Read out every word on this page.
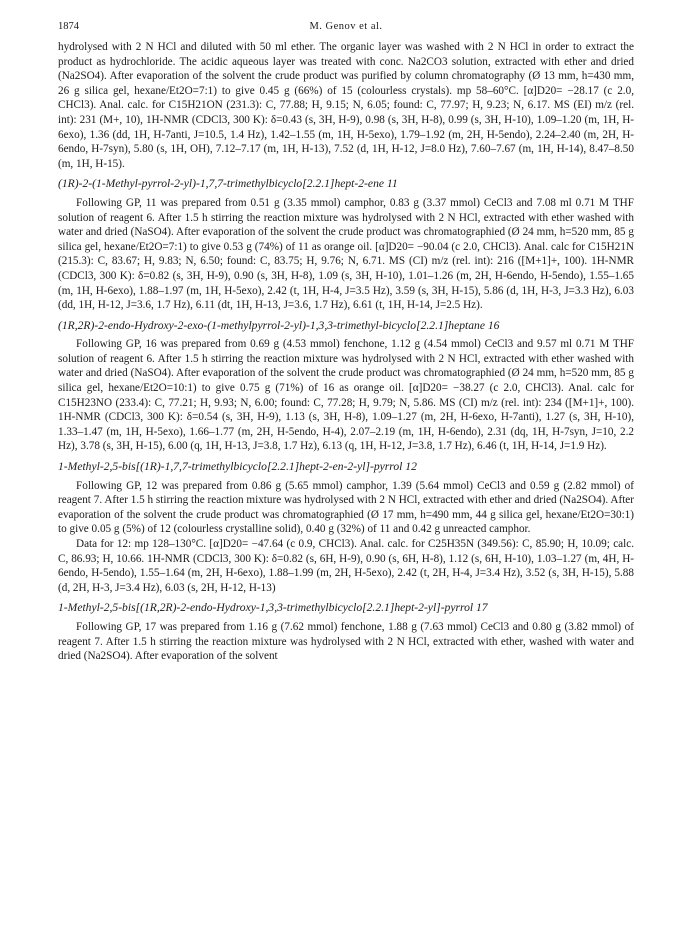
1874	M. Genov et al.

hydrolysed with 2 N HCl and diluted with 50 ml ether. The organic layer was washed with 2 N HCl in order to extract the product as hydrochloride. The acidic aqueous layer was treated with conc. Na2CO3 solution, extracted with ether and dried (Na2SO4). After evaporation of the solvent the crude product was purified by column chromatography (Ø 13 mm, h=430 mm, 26 g silica gel, hexane/Et2O=7:1) to give 0.45 g (66%) of 15 (colourless crystals). mp 58–60°C. [α]D20= −28.17 (c 2.0, CHCl3). Anal. calc. for C15H21ON (231.3): C, 77.88; H, 9.15; N, 6.05; found: C, 77.97; H, 9.23; N, 6.17. MS (EI) m/z (rel. int): 231 (M+, 10), 1H-NMR (CDCl3, 300 K): δ=0.43 (s, 3H, H-9), 0.98 (s, 3H, H-8), 0.99 (s, 3H, H-10), 1.09–1.20 (m, 1H, H-6exo), 1.36 (dd, 1H, H-7anti, J=10.5, 1.4 Hz), 1.42–1.55 (m, 1H, H-5exo), 1.79–1.92 (m, 2H, H-5endo), 2.24–2.40 (m, 2H, H-6endo, H-7syn), 5.80 (s, 1H, OH), 7.12–7.17 (m, 1H, H-13), 7.52 (d, 1H, H-12, J=8.0 Hz), 7.60–7.67 (m, 1H, H-14), 8.47–8.50 (m, 1H, H-15).

(1R)-2-(1-Methyl-pyrrol-2-yl)-1,7,7-trimethylbicyclo[2.2.1]hept-2-ene 11

Following GP, 11 was prepared from 0.51 g (3.35 mmol) camphor, 0.83 g (3.37 mmol) CeCl3 and 7.08 ml 0.71 M THF solution of reagent 6. After 1.5 h stirring the reaction mixture was hydrolysed with 2 N HCl, extracted with ether washed with water and dried (NaSO4). After evaporation of the solvent the crude product was chromatographied (Ø 24 mm, h=520 mm, 85 g silica gel, hexane/Et2O=7:1) to give 0.53 g (74%) of 11 as orange oil. [α]D20= −90.04 (c 2.0, CHCl3). Anal. calc for C15H21N (215.3): C, 83.67; H, 9.83; N, 6.50; found: C, 83.75; H, 9.76; N, 6.71. MS (CI) m/z (rel. int): 216 ([M+1]+, 100). 1H-NMR (CDCl3, 300 K): δ=0.82 (s, 3H, H-9), 0.90 (s, 3H, H-8), 1.09 (s, 3H, H-10), 1.01–1.26 (m, 2H, H-6endo, H-5endo), 1.55–1.65 (m, 1H, H-6exo), 1.88–1.97 (m, 1H, H-5exo), 2.42 (t, 1H, H-4, J=3.5 Hz), 3.59 (s, 3H, H-15), 5.86 (d, 1H, H-3, J=3.3 Hz), 6.03 (dd, 1H, H-12, J=3.6, 1.7 Hz), 6.11 (dt, 1H, H-13, J=3.6, 1.7 Hz), 6.61 (t, 1H, H-14, J=2.5 Hz).

(1R,2R)-2-endo-Hydroxy-2-exo-(1-methylpyrrol-2-yl)-1,3,3-trimethyl-bicyclo[2.2.1]heptane 16

Following GP, 16 was prepared from 0.69 g (4.53 mmol) fenchone, 1.12 g (4.54 mmol) CeCl3 and 9.57 ml 0.71 M THF solution of reagent 6. After 1.5 h stirring the reaction mixture was hydrolysed with 2 N HCl, extracted with ether washed with water and dried (NaSO4). After evaporation of the solvent the crude product was chromatographied (Ø 24 mm, h=520 mm, 85 g silica gel, hexane/Et2O=10:1) to give 0.75 g (71%) of 16 as orange oil. [α]D20= −38.27 (c 2.0, CHCl3). Anal. calc for C15H23NO (233.4): C, 77.21; H, 9.93; N, 6.00; found: C, 77.28; H, 9.79; N, 5.86. MS (CI) m/z (rel. int): 234 ([M+1]+, 100). 1H-NMR (CDCl3, 300 K): δ=0.54 (s, 3H, H-9), 1.13 (s, 3H, H-8), 1.09–1.27 (m, 2H, H-6exo, H-7anti), 1.27 (s, 3H, H-10), 1.33–1.47 (m, 1H, H-5exo), 1.66–1.77 (m, 2H, H-5endo, H-4), 2.07–2.19 (m, 1H, H-6endo), 2.31 (dq, 1H, H-7syn, J=10, 2.2 Hz), 3.78 (s, 3H, H-15), 6.00 (q, 1H, H-13, J=3.8, 1.7 Hz), 6.13 (q, 1H, H-12, J=3.8, 1.7 Hz), 6.46 (t, 1H, H-14, J=1.9 Hz).

1-Methyl-2,5-bis[(1R)-1,7,7-trimethylbicyclo[2.2.1]hept-2-en-2-yl]-pyrrol 12

Following GP, 12 was prepared from 0.86 g (5.65 mmol) camphor, 1.39 (5.64 mmol) CeCl3 and 0.59 g (2.82 mmol) of reagent 7. After 1.5 h stirring the reaction mixture was hydrolysed with 2 N HCl, extracted with ether and dried (Na2SO4). After evaporation of the solvent the crude product was chromatographied (Ø 17 mm, h=490 mm, 44 g silica gel, hexane/Et2O=30:1) to give 0.05 g (5%) of 12 (colourless crystalline solid), 0.40 g (32%) of 11 and 0.42 g unreacted camphor.

Data for 12: mp 128–130°C. [α]D20= −47.64 (c 0.9, CHCl3). Anal. calc. for C25H35N (349.56): C, 85.90; H, 10.09; calc. C, 86.93; H, 10.66. 1H-NMR (CDCl3, 300 K): δ=0.82 (s, 6H, H-9), 0.90 (s, 6H, H-8), 1.12 (s, 6H, H-10), 1.03–1.27 (m, 4H, H-6endo, H-5endo), 1.55–1.64 (m, 2H, H-6exo), 1.88–1.99 (m, 2H, H-5exo), 2.42 (t, 2H, H-4, J=3.4 Hz), 3.52 (s, 3H, H-15), 5.88 (d, 2H, H-3, J=3.4 Hz), 6.03 (s, 2H, H-12, H-13)

1-Methyl-2,5-bis[(1R,2R)-2-endo-Hydroxy-1,3,3-trimethylbicyclo[2.2.1]hept-2-yl]-pyrrol 17

Following GP, 17 was prepared from 1.16 g (7.62 mmol) fenchone, 1.88 g (7.63 mmol) CeCl3 and 0.80 g (3.82 mmol) of reagent 7. After 1.5 h stirring the reaction mixture was hydrolysed with 2 N HCl, extracted with ether, washed with water and dried (Na2SO4). After evaporation of the solvent
